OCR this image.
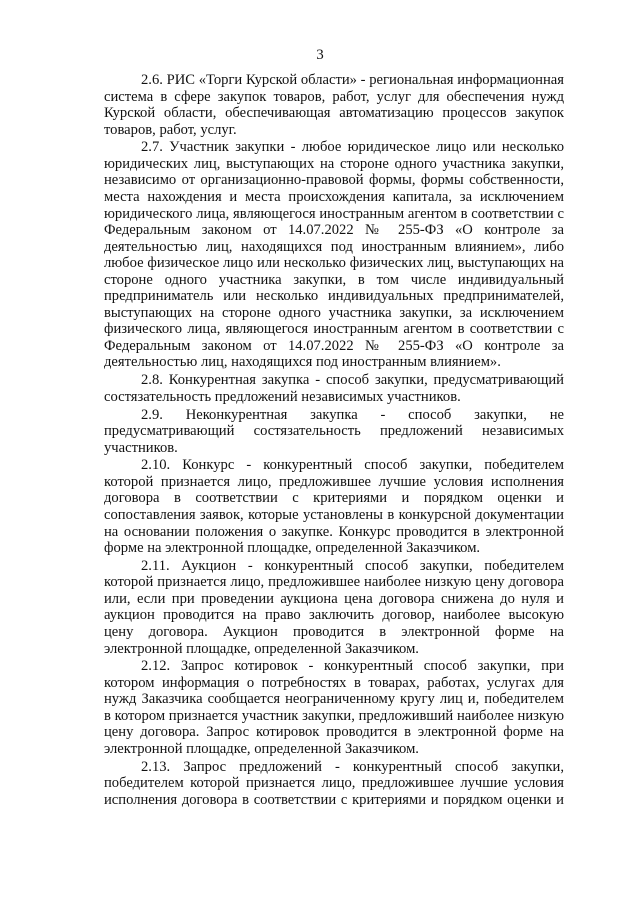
3

2.6. РИС «Торги Курской области» - региональная информационная система в сфере закупок товаров, работ, услуг для обеспечения нужд Курской области, обеспечивающая автоматизацию процессов закупок товаров, работ, услуг.

2.7. Участник закупки - любое юридическое лицо или несколько юридических лиц, выступающих на стороне одного участника закупки, независимо от организационно-правовой формы, формы собственности, места нахождения и места происхождения капитала, за исключением юридического лица, являющегося иностранным агентом в соответствии с Федеральным законом от 14.07.2022 № 255-ФЗ «О контроле за деятельностью лиц, находящихся под иностранным влиянием», либо любое физическое лицо или несколько физических лиц, выступающих на стороне одного участника закупки, в том числе индивидуальный предприниматель или несколько индивидуальных предпринимателей, выступающих на стороне одного участника закупки, за исключением физического лица, являющегося иностранным агентом в соответствии с Федеральным законом от 14.07.2022 № 255-ФЗ «О контроле за деятельностью лиц, находящихся под иностранным влиянием».

2.8. Конкурентная закупка - способ закупки, предусматривающий состязательность предложений независимых участников.

2.9. Неконкурентная закупка - способ закупки, не предусматривающий состязательность предложений независимых участников.

2.10. Конкурс - конкурентный способ закупки, победителем которой признается лицо, предложившее лучшие условия исполнения договора в соответствии с критериями и порядком оценки и сопоставления заявок, которые установлены в конкурсной документации на основании положения о закупке. Конкурс проводится в электронной форме на электронной площадке, определенной Заказчиком.

2.11. Аукцион - конкурентный способ закупки, победителем которой признается лицо, предложившее наиболее низкую цену договора или, если при проведении аукциона цена договора снижена до нуля и аукцион проводится на право заключить договор, наиболее высокую цену договора. Аукцион проводится в электронной форме на электронной площадке, определенной Заказчиком.

2.12. Запрос котировок - конкурентный способ закупки, при котором информация о потребностях в товарах, работах, услугах для нужд Заказчика сообщается неограниченному кругу лиц и, победителем в котором признается участник закупки, предложивший наиболее низкую цену договора. Запрос котировок проводится в электронной форме на электронной площадке, определенной Заказчиком.

2.13. Запрос предложений - конкурентный способ закупки, победителем которой признается лицо, предложившее лучшие условия исполнения договора в соответствии с критериями и порядком оценки и
